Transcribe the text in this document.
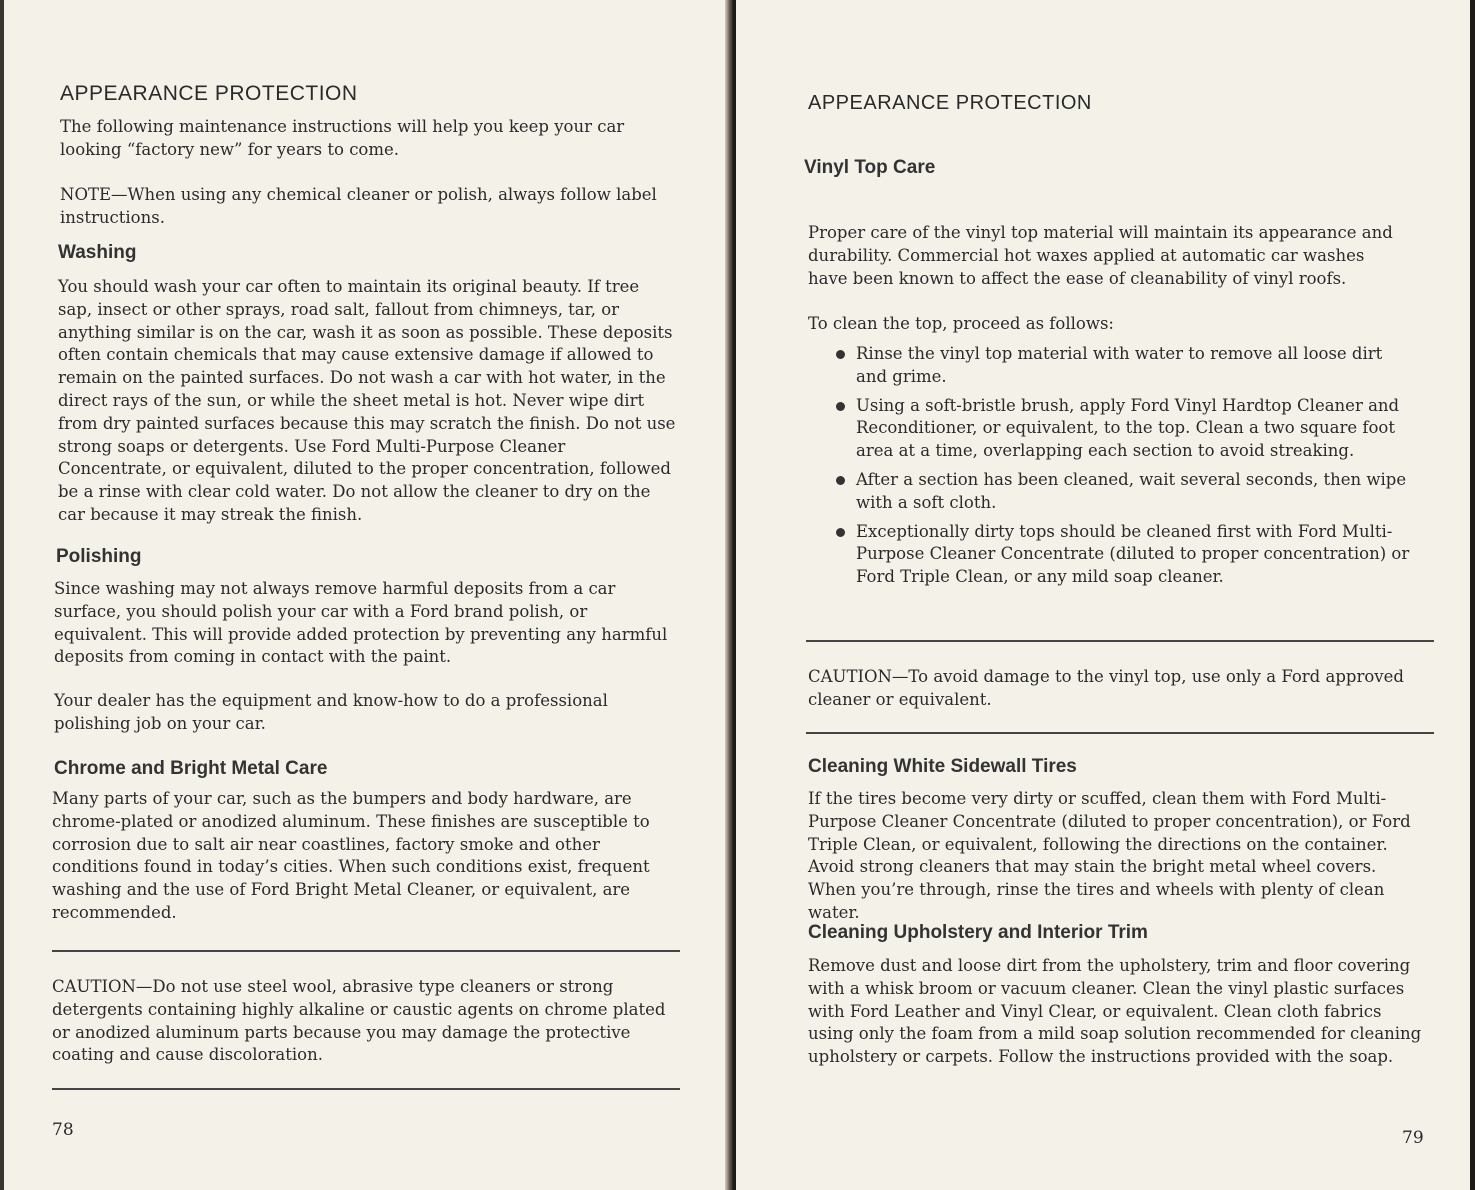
APPEARANCE PROTECTION

The following maintenance instructions will help you keep your car looking “factory new” for years to come.

NOTE—When using any chemical cleaner or polish, always follow label instructions.

Washing

You should wash your car often to maintain its original beauty. If tree sap, insect or other sprays, road salt, fallout from chimneys, tar, or anything similar is on the car, wash it as soon as possible. These deposits often contain chemicals that may cause extensive damage if allowed to remain on the painted surfaces. Do not wash a car with hot water, in the direct rays of the sun, or while the sheet metal is hot. Never wipe dirt from dry painted surfaces because this may scratch the finish. Do not use strong soaps or detergents. Use Ford Multi-Purpose Cleaner Concentrate, or equivalent, diluted to the proper concentration, followed be a rinse with clear cold water. Do not allow the cleaner to dry on the car because it may streak the finish.

Polishing

Since washing may not always remove harmful deposits from a car surface, you should polish your car with a Ford brand polish, or equivalent. This will provide added protection by preventing any harmful deposits from coming in contact with the paint.

Your dealer has the equipment and know-how to do a professional polishing job on your car.

Chrome and Bright Metal Care

Many parts of your car, such as the bumpers and body hardware, are chrome-plated or anodized aluminum. These finishes are susceptible to corrosion due to salt air near coastlines, factory smoke and other conditions found in today’s cities. When such conditions exist, frequent washing and the use of Ford Bright Metal Cleaner, or equivalent, are recommended.

CAUTION—Do not use steel wool, abrasive type cleaners or strong detergents containing highly alkaline or caustic agents on chrome plated or anodized aluminum parts because you may damage the protective coating and cause discoloration.

78
APPEARANCE PROTECTION
Vinyl Top Care

Proper care of the vinyl top material will maintain its appearance and durability. Commercial hot waxes applied at automatic car washes have been known to affect the ease of cleanability of vinyl roofs.

To clean the top, proceed as follows:

Rinse the vinyl top material with water to remove all loose dirt and grime.
Using a soft-bristle brush, apply Ford Vinyl Hardtop Cleaner and Reconditioner, or equivalent, to the top. Clean a two square foot area at a time, overlapping each section to avoid streaking.
After a section has been cleaned, wait several seconds, then wipe with a soft cloth.
Exceptionally dirty tops should be cleaned first with Ford Multi-Purpose Cleaner Concentrate (diluted to proper concentration) or Ford Triple Clean, or any mild soap cleaner.

CAUTION—To avoid damage to the vinyl top, use only a Ford approved cleaner or equivalent.

Cleaning White Sidewall Tires

If the tires become very dirty or scuffed, clean them with Ford Multi-Purpose Cleaner Concentrate (diluted to proper concentration), or Ford Triple Clean, or equivalent, following the directions on the container. Avoid strong cleaners that may stain the bright metal wheel covers. When you’re through, rinse the tires and wheels with plenty of clean water.

Cleaning Upholstery and Interior Trim

Remove dust and loose dirt from the upholstery, trim and floor covering with a whisk broom or vacuum cleaner. Clean the vinyl plastic surfaces with Ford Leather and Vinyl Clear, or equivalent. Clean cloth fabrics using only the foam from a mild soap solution recommended for cleaning upholstery or carpets. Follow the instructions provided with the soap.

79
